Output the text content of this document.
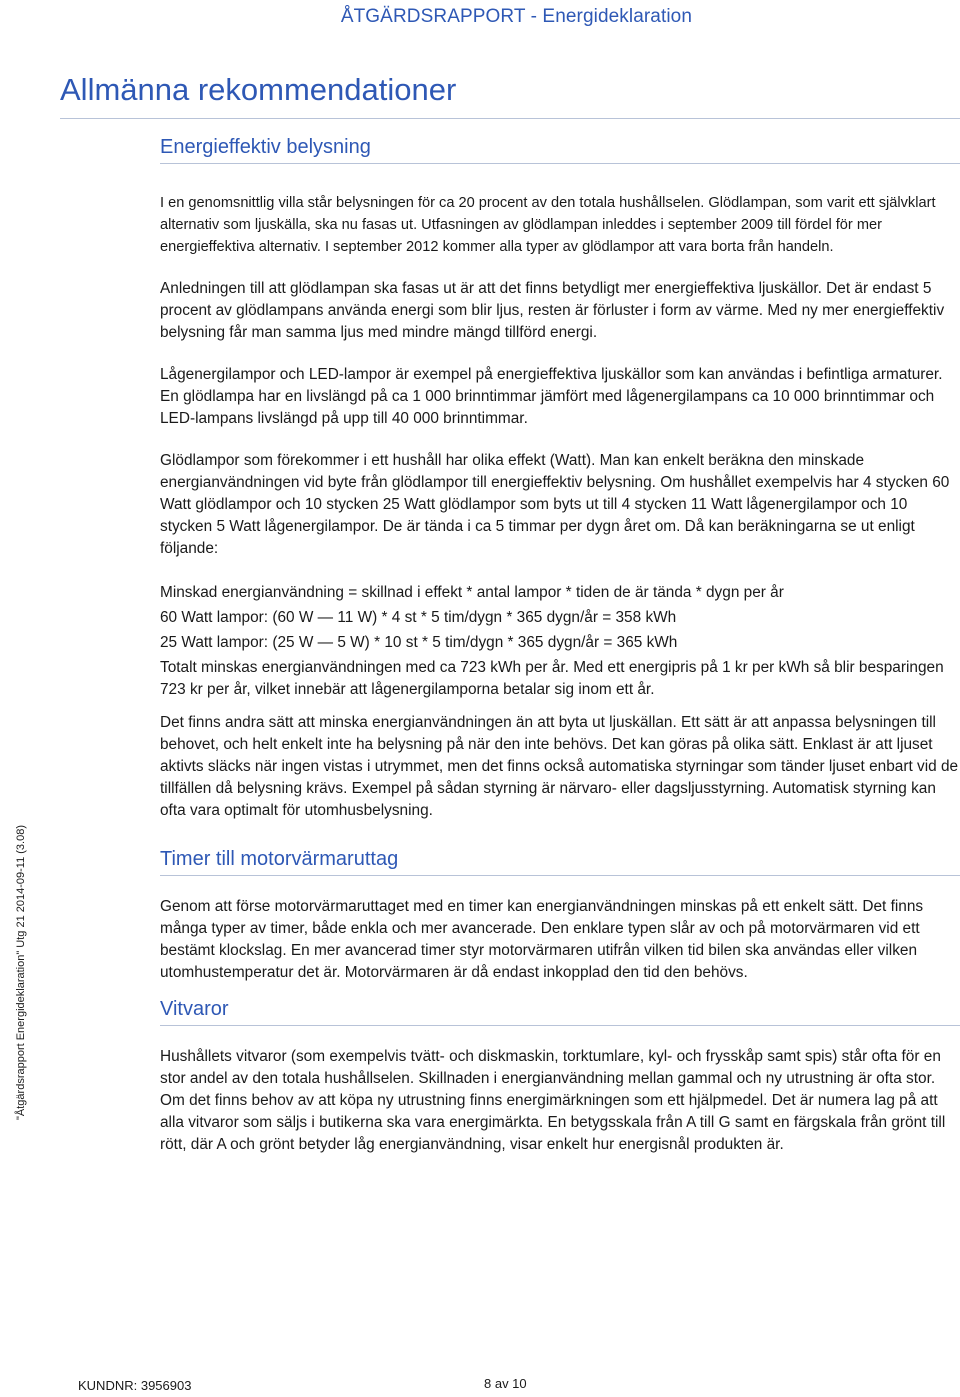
ÅTGÄRDSRAPPORT - Energideklaration
Allmänna rekommendationer
"Åtgärdsrapport Energideklaration" Utg 21 2014-09-11 (3.08)
Energieffektiv belysning

I en genomsnittlig villa står belysningen för ca 20 procent av den totala hushållselen. Glödlampan, som varit ett självklart alternativ som ljuskälla, ska nu fasas ut. Utfasningen av glödlampan inleddes i september 2009 till fördel för mer energieffektiva alternativ. I september 2012 kommer alla typer av glödlampor att vara borta från handeln.

Anledningen till att glödlampan ska fasas ut är att det finns betydligt mer energieffektiva ljuskällor. Det är endast 5 procent av glödlampans använda energi som blir ljus, resten är förluster i form av värme. Med ny mer energieffektiv belysning får man samma ljus med mindre mängd tillförd energi.

Lågenergilampor och LED-lampor är exempel på energieffektiva ljuskällor som kan användas i befintliga armaturer. En glödlampa har en livslängd på ca 1 000 brinntimmar jämfört med lågenergilampans ca 10 000 brinntimmar och LED-lampans livslängd på upp till 40 000 brinntimmar.

Glödlampor som förekommer i ett hushåll har olika effekt (Watt). Man kan enkelt beräkna den minskade energianvändningen vid byte från glödlampor till energieffektiv belysning. Om hushållet exempelvis har 4 stycken 60 Watt glödlampor och 10 stycken 25 Watt glödlampor som byts ut till 4 stycken 11 Watt lågenergilampor och 10 stycken 5 Watt lågenergilampor. De är tända i ca 5 timmar per dygn året om. Då kan beräkningarna se ut enligt följande:

Minskad energianvändning = skillnad i effekt * antal lampor * tiden de är tända * dygn per år

60 Watt lampor: (60 W — 11 W) * 4 st * 5 tim/dygn * 365 dygn/år = 358 kWh

25 Watt lampor: (25 W — 5 W) * 10 st * 5 tim/dygn * 365 dygn/år = 365 kWh

Totalt minskas energianvändningen med ca 723 kWh per år. Med ett energipris på 1 kr per kWh så blir besparingen 723 kr per år, vilket innebär att lågenergilamporna betalar sig inom ett år.

Det finns andra sätt att minska energianvändningen än att byta ut ljuskällan. Ett sätt är att anpassa belysningen till behovet, och helt enkelt inte ha belysning på när den inte behövs. Det kan göras på olika sätt. Enklast är att ljuset aktivts släcks när ingen vistas i utrymmet, men det finns också automatiska styrningar som tänder ljuset enbart vid de tillfällen då belysning krävs. Exempel på sådan styrning är närvaro- eller dagsljusstyrning. Automatisk styrning kan ofta vara optimalt för utomhusbelysning.

Timer till motorvärmaruttag

Genom att förse motorvärmaruttaget med en timer kan energianvändningen minskas på ett enkelt sätt. Det finns många typer av timer, både enkla och mer avancerade. Den enklare typen slår av och på motorvärmaren vid ett bestämt klockslag. En mer avancerad timer styr motorvärmaren utifrån vilken tid bilen ska användas eller vilken utomhustemperatur det är. Motorvärmaren är då endast inkopplad den tid den behövs.

Vitvaror

Hushållets vitvaror (som exempelvis tvätt- och diskmaskin, torktumlare, kyl- och frysskåp samt spis) står ofta för en stor andel av den totala hushållselen. Skillnaden i energianvändning mellan gammal och ny utrustning är ofta stor. Om det finns behov av att köpa ny utrustning finns energimärkningen som ett hjälpmedel. Det är numera lag på att alla vitvaror som säljs i butikerna ska vara energimärkta. En betygsskala från A till G samt en färgskala från grönt till rött, där A och grönt betyder låg energianvändning, visar enkelt hur energisnål produkten är.

KUNDNR: 3956903	8 av 10
